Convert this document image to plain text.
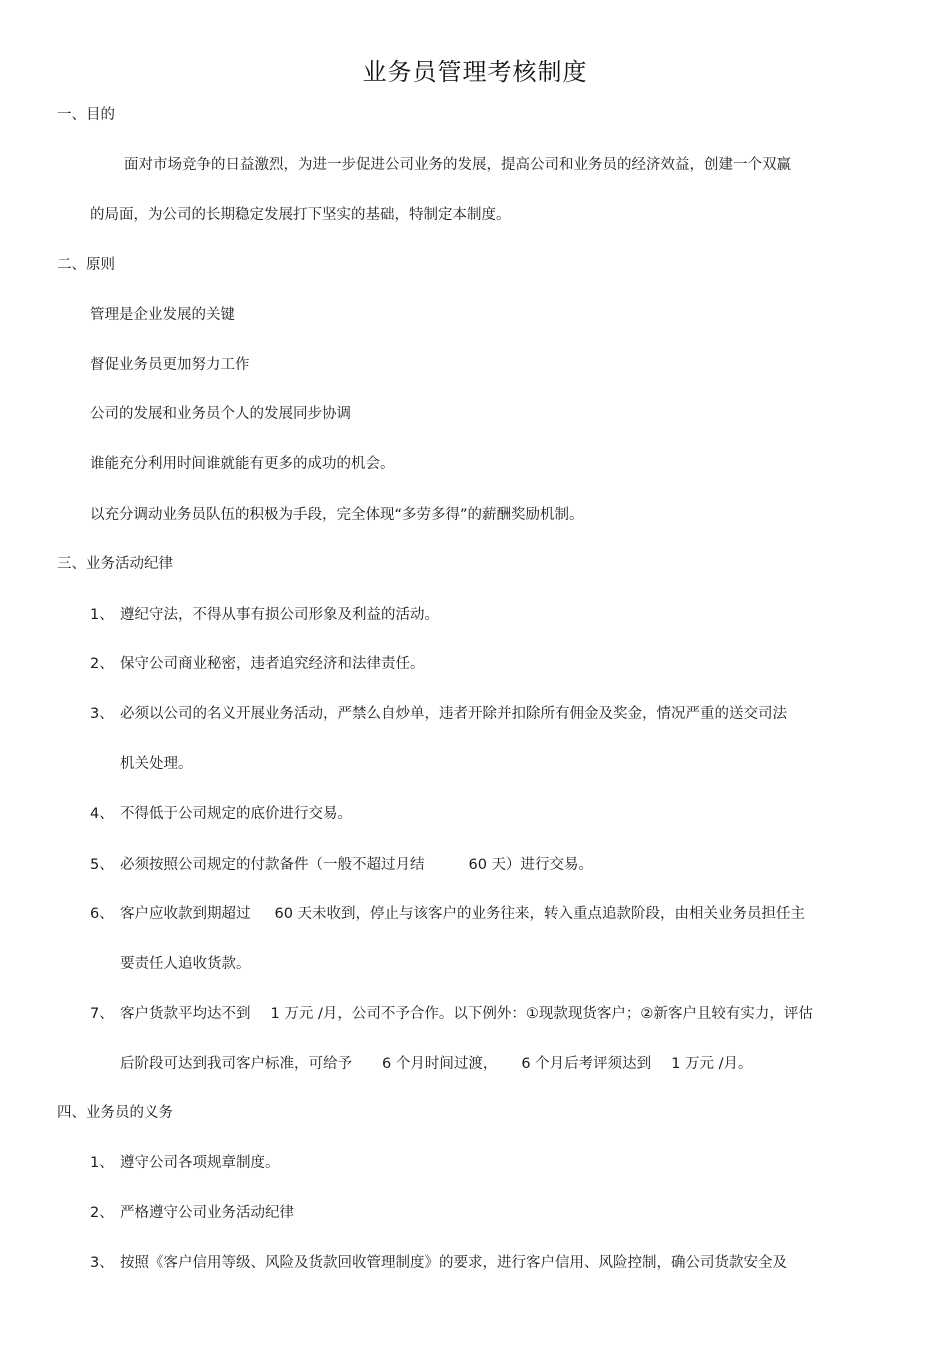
业务员管理考核制度
一、目的
面对市场竞争的日益激烈，为进一步促进公司业务的发展，提高公司和业务员的经济效益，创建一个双赢
的局面，为公司的长期稳定发展打下坚实的基础，特制定本制度。
二、原则
管理是企业发展的关键
督促业务员更加努力工作
公司的发展和业务员个人的发展同步协调
谁能充分利用时间谁就能有更多的成功的机会。
以充分调动业务员队伍的积极为手段，完全体现“多劳多得”的薪酬奖励机制。
三、业务活动纪律
1、 遵纪守法，不得从事有损公司形象及利益的活动。
2、 保守公司商业秘密，违者追究经济和法律责任。
3、 必须以公司的名义开展业务活动，严禁么自炒单，违者开除并扣除所有佣金及奖金，情况严重的送交司法
机关处理。
4、 不得低于公司规定的底价进行交易。
5、 必须按照公司规定的付款备件（一般不超过月结	60 天）进行交易。
6、 客户应收款到期超过 60 天未收到，停止与该客户的业务往来，转入重点追款阶段，由相关业务员担任主
要责任人追收货款。
7、 客户货款平均达不到 1 万元 /月，公司不予合作。以下例外：①现款现货客户；②新客户且较有实力，评估
后阶段可达到我司客户标准，可给予 6 个月时间过渡， 6 个月后考评须达到 1 万元 /月。
四、业务员的义务
1、 遵守公司各项规章制度。
2、 严格遵守公司业务活动纪律
3、 按照《客户信用等级、风险及货款回收管理制度》的要求，进行客户信用、风险控制，确公司货款安全及
